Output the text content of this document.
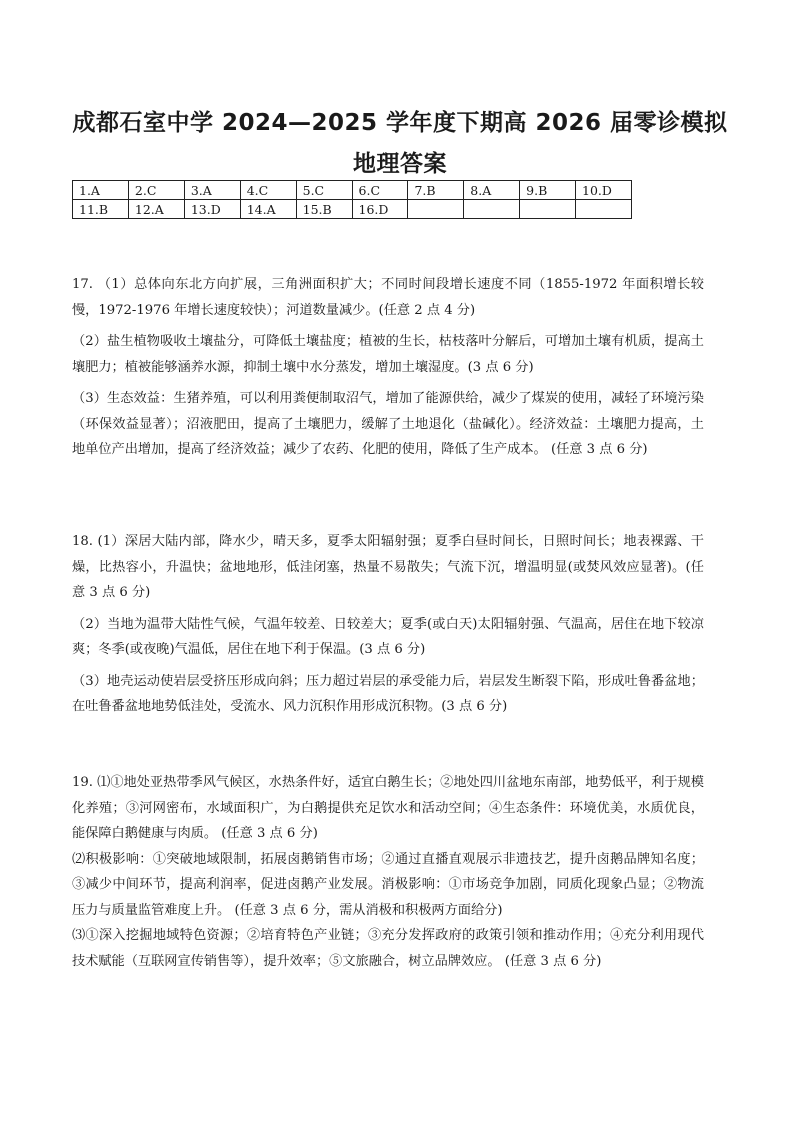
成都石室中学 2024—2025 学年度下期高 2026 届零诊模拟
地理答案
1.A	2.C	3.A	4.C	5.C	6.C	7.B	8.A	9.B	10.D
11.B	12.A	13.D	14.A	15.B	16.D				

17. （1）总体向东北方向扩展，三角洲面积扩大；不同时间段增长速度不同（1855-1972 年面积增长较慢，1972-1976 年增长速度较快）；河道数量减少。(任意 2 点 4 分)

（2）盐生植物吸收土壤盐分，可降低土壤盐度；植被的生长，枯枝落叶分解后，可增加土壤有机质，提高土壤肥力；植被能够涵养水源，抑制土壤中水分蒸发，增加土壤湿度。(3 点 6 分)

（3）生态效益：生猪养殖，可以利用粪便制取沼气，增加了能源供给，减少了煤炭的使用，减轻了环境污染（环保效益显著）；沼液肥田，提高了土壤肥力，缓解了土地退化（盐碱化）。经济效益：土壤肥力提高，土地单位产出增加，提高了经济效益；减少了农药、化肥的使用，降低了生产成本。 (任意 3 点 6 分)

18. (1）深居大陆内部，降水少，晴天多，夏季太阳辐射强；夏季白昼时间长，日照时间长；地表裸露、干燥，比热容小，升温快；盆地地形，低洼闭塞，热量不易散失；气流下沉，增温明显(或焚风效应显著)。(任意 3 点 6 分)

（2）当地为温带大陆性气候，气温年较差、日较差大；夏季(或白天)太阳辐射强、气温高，居住在地下较凉爽；冬季(或夜晚)气温低，居住在地下利于保温。(3 点 6 分)

（3）地壳运动使岩层受挤压形成向斜；压力超过岩层的承受能力后，岩层发生断裂下陷，形成吐鲁番盆地；在吐鲁番盆地地势低洼处，受流水、风力沉积作用形成沉积物。(3 点 6 分)

19. ⑴①地处亚热带季风气候区，水热条件好，适宜白鹅生长；②地处四川盆地东南部，地势低平，利于规模化养殖；③河网密布，水域面积广，为白鹅提供充足饮水和活动空间；④生态条件：环境优美，水质优良，能保障白鹅健康与肉质。 (任意 3 点 6 分)

⑵积极影响：①突破地域限制，拓展卤鹅销售市场；②通过直播直观展示非遗技艺，提升卤鹅品牌知名度；③减少中间环节，提高利润率，促进卤鹅产业发展。消极影响：①市场竞争加剧，同质化现象凸显；②物流压力与质量监管难度上升。 (任意 3 点 6 分，需从消极和积极两方面给分)

⑶①深入挖掘地域特色资源；②培育特色产业链；③充分发挥政府的政策引领和推动作用；④充分利用现代技术赋能（互联网宣传销售等），提升效率；⑤文旅融合，树立品牌效应。 (任意 3 点 6 分)
